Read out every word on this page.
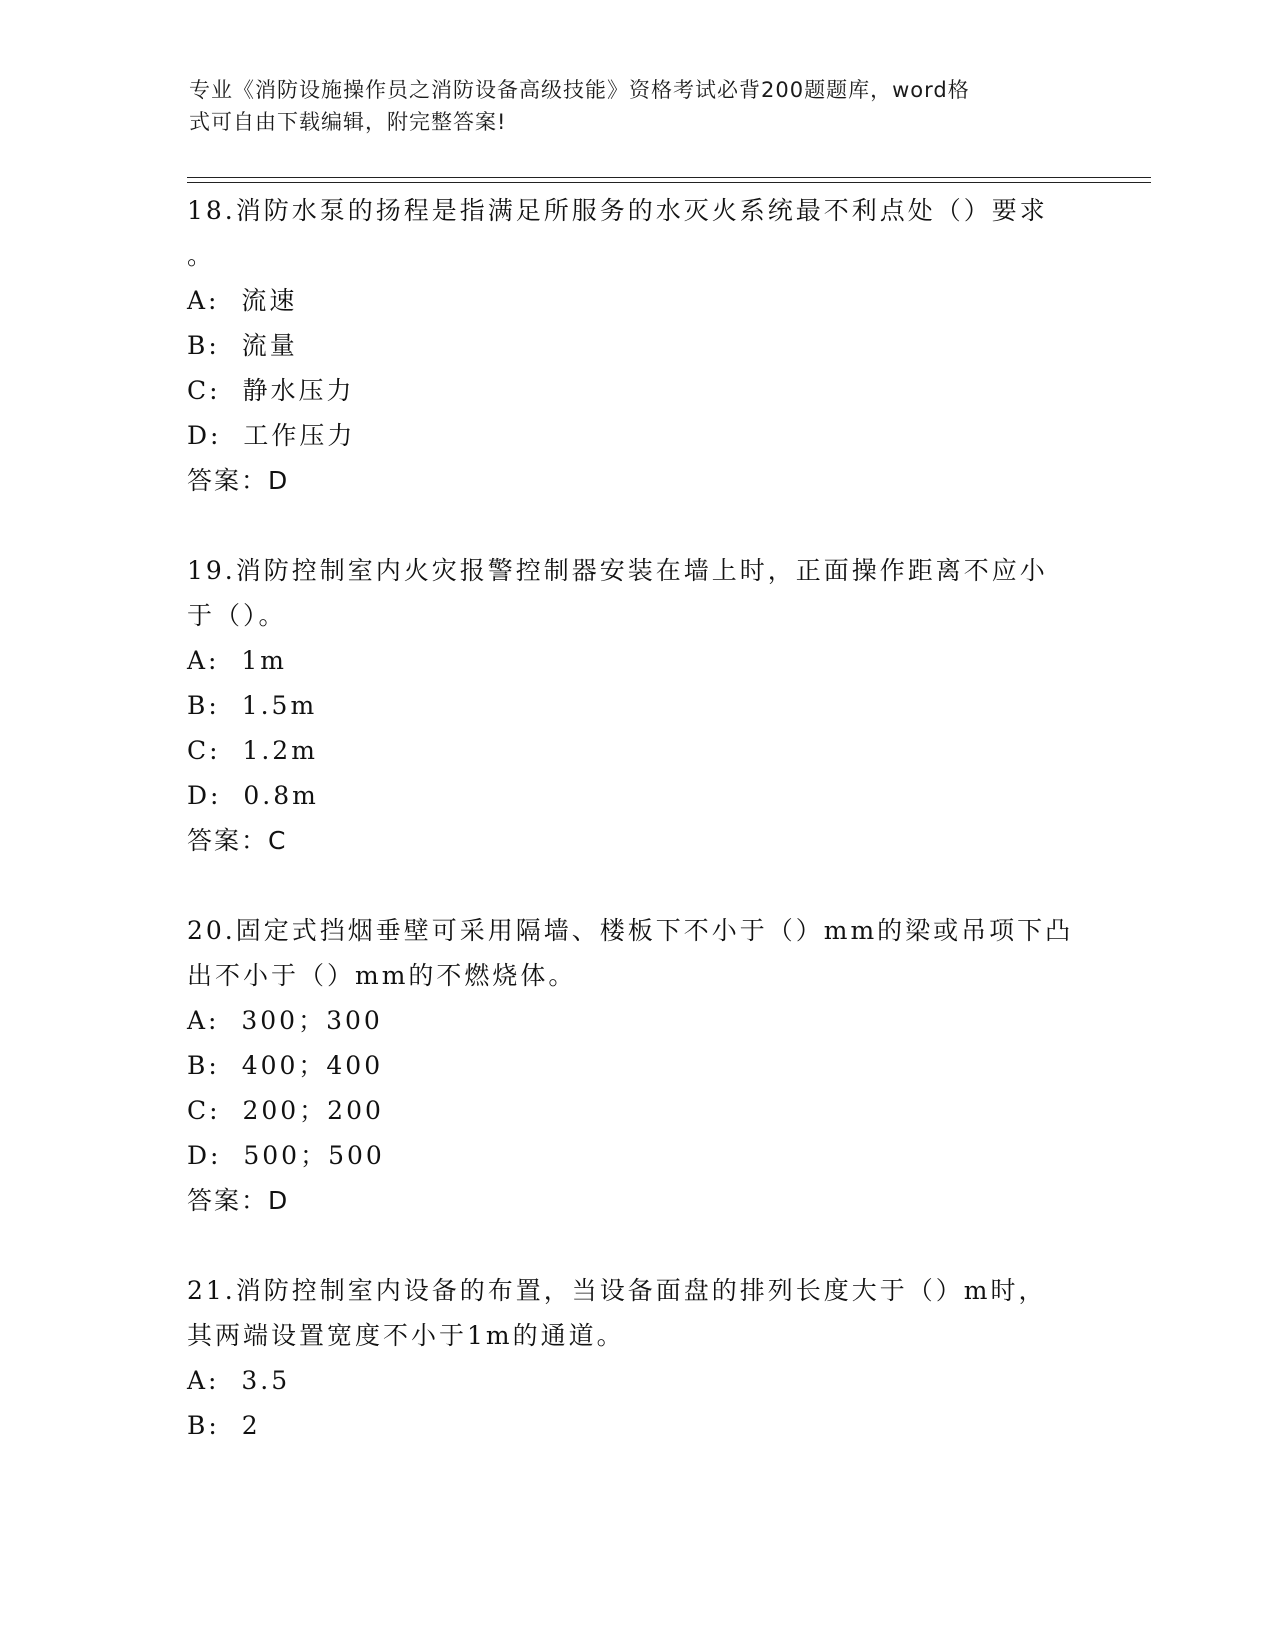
专业《消防设施操作员之消防设备高级技能》资格考试必背200题题库，word格
式可自由下载编辑，附完整答案!

18.消防水泵的扬程是指满足所服务的水灭火系统最不利点处（）要求

。

A:  流速

B:  流量

C:  静水压力

D:  工作压力

答案：D

19.消防控制室内火灾报警控制器安装在墙上时，正面操作距离不应小

于（）。

A:  1m

B:  1.5m

C:  1.2m

D:  0.8m

答案：C

20.固定式挡烟垂壁可采用隔墙、楼板下不小于（）mm的梁或吊项下凸

出不小于（）mm的不燃烧体。

A:  300；300

B:  400；400

C:  200；200

D:  500；500

答案：D

21.消防控制室内设备的布置，当设备面盘的排列长度大于（）m时，

其两端设置宽度不小于1m的通道。

A:  3.5

B:  2
